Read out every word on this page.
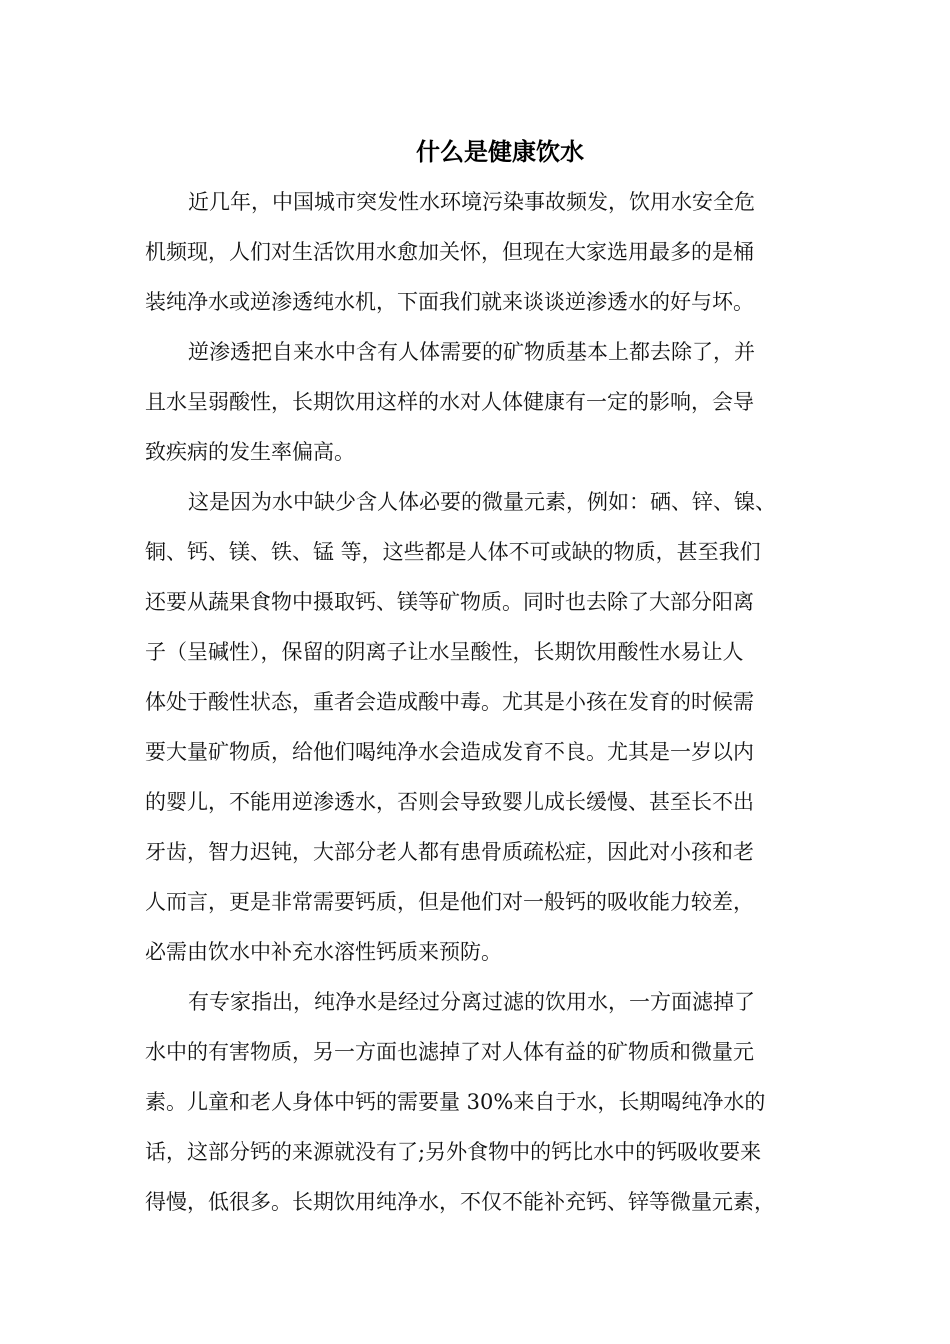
什么是健康饮水
近几年，中国城市突发性水环境污染事故频发，饮用水安全危
机频现，人们对生活饮用水愈加关怀，但现在大家选用最多的是桶
装纯净水或逆渗透纯水机，下面我们就来谈谈逆渗透水的好与坏。
逆渗透把自来水中含有人体需要的矿物质基本上都去除了，并
且水呈弱酸性，长期饮用这样的水对人体健康有一定的影响，会导
致疾病的发生率偏高。
这是因为水中缺少含人体必要的微量元素，例如：硒、锌、镍、
铜、钙、镁、铁、锰 等，这些都是人体不可或缺的物质，甚至我们
还要从蔬果食物中摄取钙、镁等矿物质。同时也去除了大部分阳离
子（呈碱性），保留的阴离子让水呈酸性，长期饮用酸性水易让人
体处于酸性状态，重者会造成酸中毒。尤其是小孩在发育的时候需
要大量矿物质，给他们喝纯净水会造成发育不良。尤其是一岁以内
的婴儿，不能用逆渗透水，否则会导致婴儿成长缓慢、甚至长不出
牙齿，智力迟钝，大部分老人都有患骨质疏松症，因此对小孩和老
人而言，更是非常需要钙质，但是他们对一般钙的吸收能力较差，
必需由饮水中补充水溶性钙质来预防。
有专家指出，纯净水是经过分离过滤的饮用水，一方面滤掉了
水中的有害物质，另一方面也滤掉了对人体有益的矿物质和微量元
素。儿童和老人身体中钙的需要量 30%来自于水，长期喝纯净水的
话，这部分钙的来源就没有了;另外食物中的钙比水中的钙吸收要来
得慢，低很多。长期饮用纯净水，不仅不能补充钙、锌等微量元素，
